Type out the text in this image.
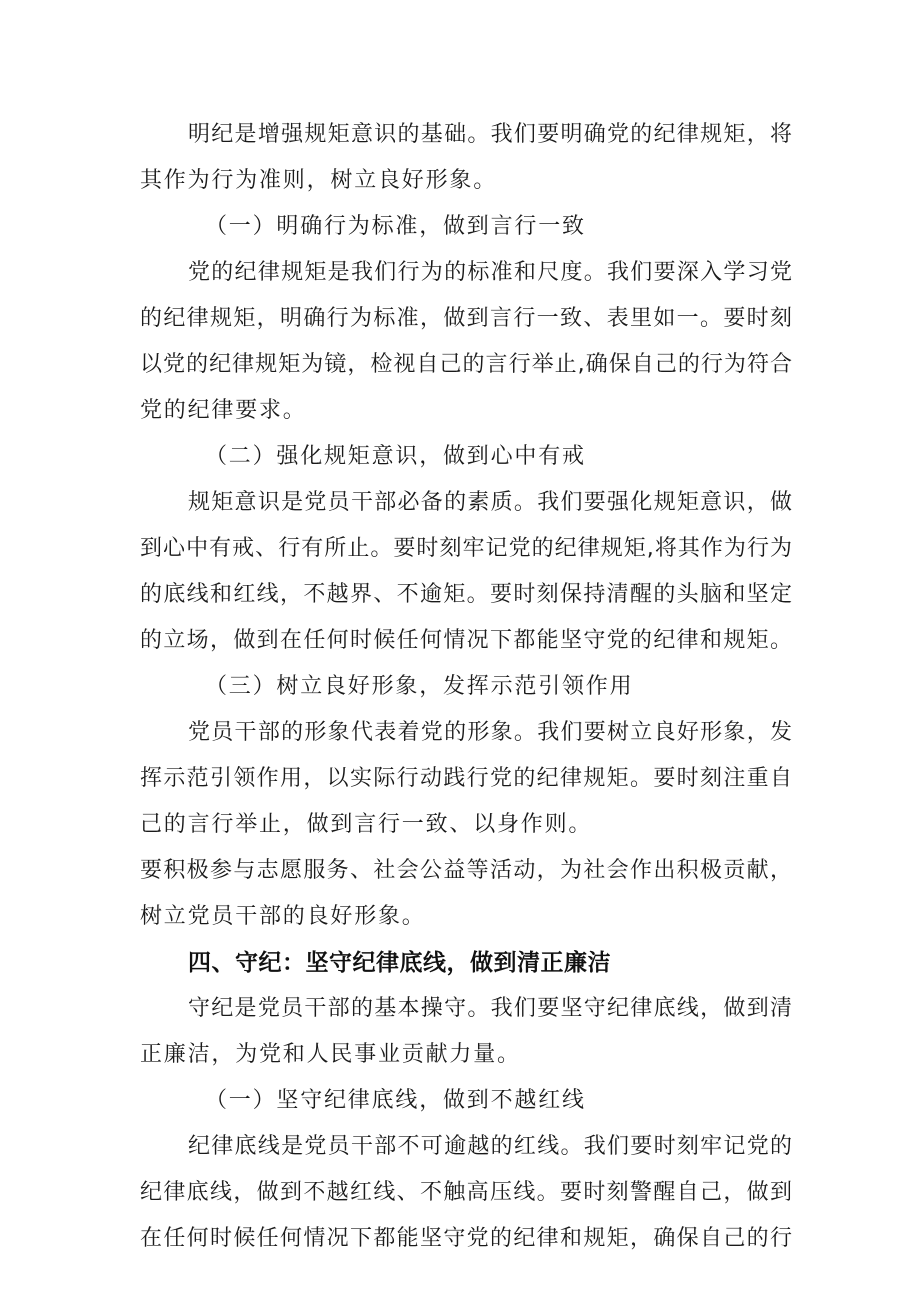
明纪是增强规矩意识的基础。我们要明确党的纪律规矩，将
其作为行为准则，树立良好形象。
（一）明确行为标准，做到言行一致
党的纪律规矩是我们行为的标准和尺度。我们要深入学习党
的纪律规矩，明确行为标准，做到言行一致、表里如一。要时刻
以党的纪律规矩为镜，检视自己的言行举止,确保自己的行为符合
党的纪律要求。
（二）强化规矩意识，做到心中有戒
规矩意识是党员干部必备的素质。我们要强化规矩意识，做
到心中有戒、行有所止。要时刻牢记党的纪律规矩,将其作为行为
的底线和红线，不越界、不逾矩。要时刻保持清醒的头脑和坚定
的立场，做到在任何时候任何情况下都能坚守党的纪律和规矩。
（三）树立良好形象，发挥示范引领作用
党员干部的形象代表着党的形象。我们要树立良好形象，发
挥示范引领作用，以实际行动践行党的纪律规矩。要时刻注重自
己的言行举止，做到言行一致、以身作则。
要积极参与志愿服务、社会公益等活动，为社会作出积极贡献，
树立党员干部的良好形象。
四、守纪：坚守纪律底线，做到清正廉洁
守纪是党员干部的基本操守。我们要坚守纪律底线，做到清
正廉洁，为党和人民事业贡献力量。
（一）坚守纪律底线，做到不越红线
纪律底线是党员干部不可逾越的红线。我们要时刻牢记党的
纪律底线，做到不越红线、不触高压线。要时刻警醒自己，做到
在任何时候任何情况下都能坚守党的纪律和规矩，确保自己的行
